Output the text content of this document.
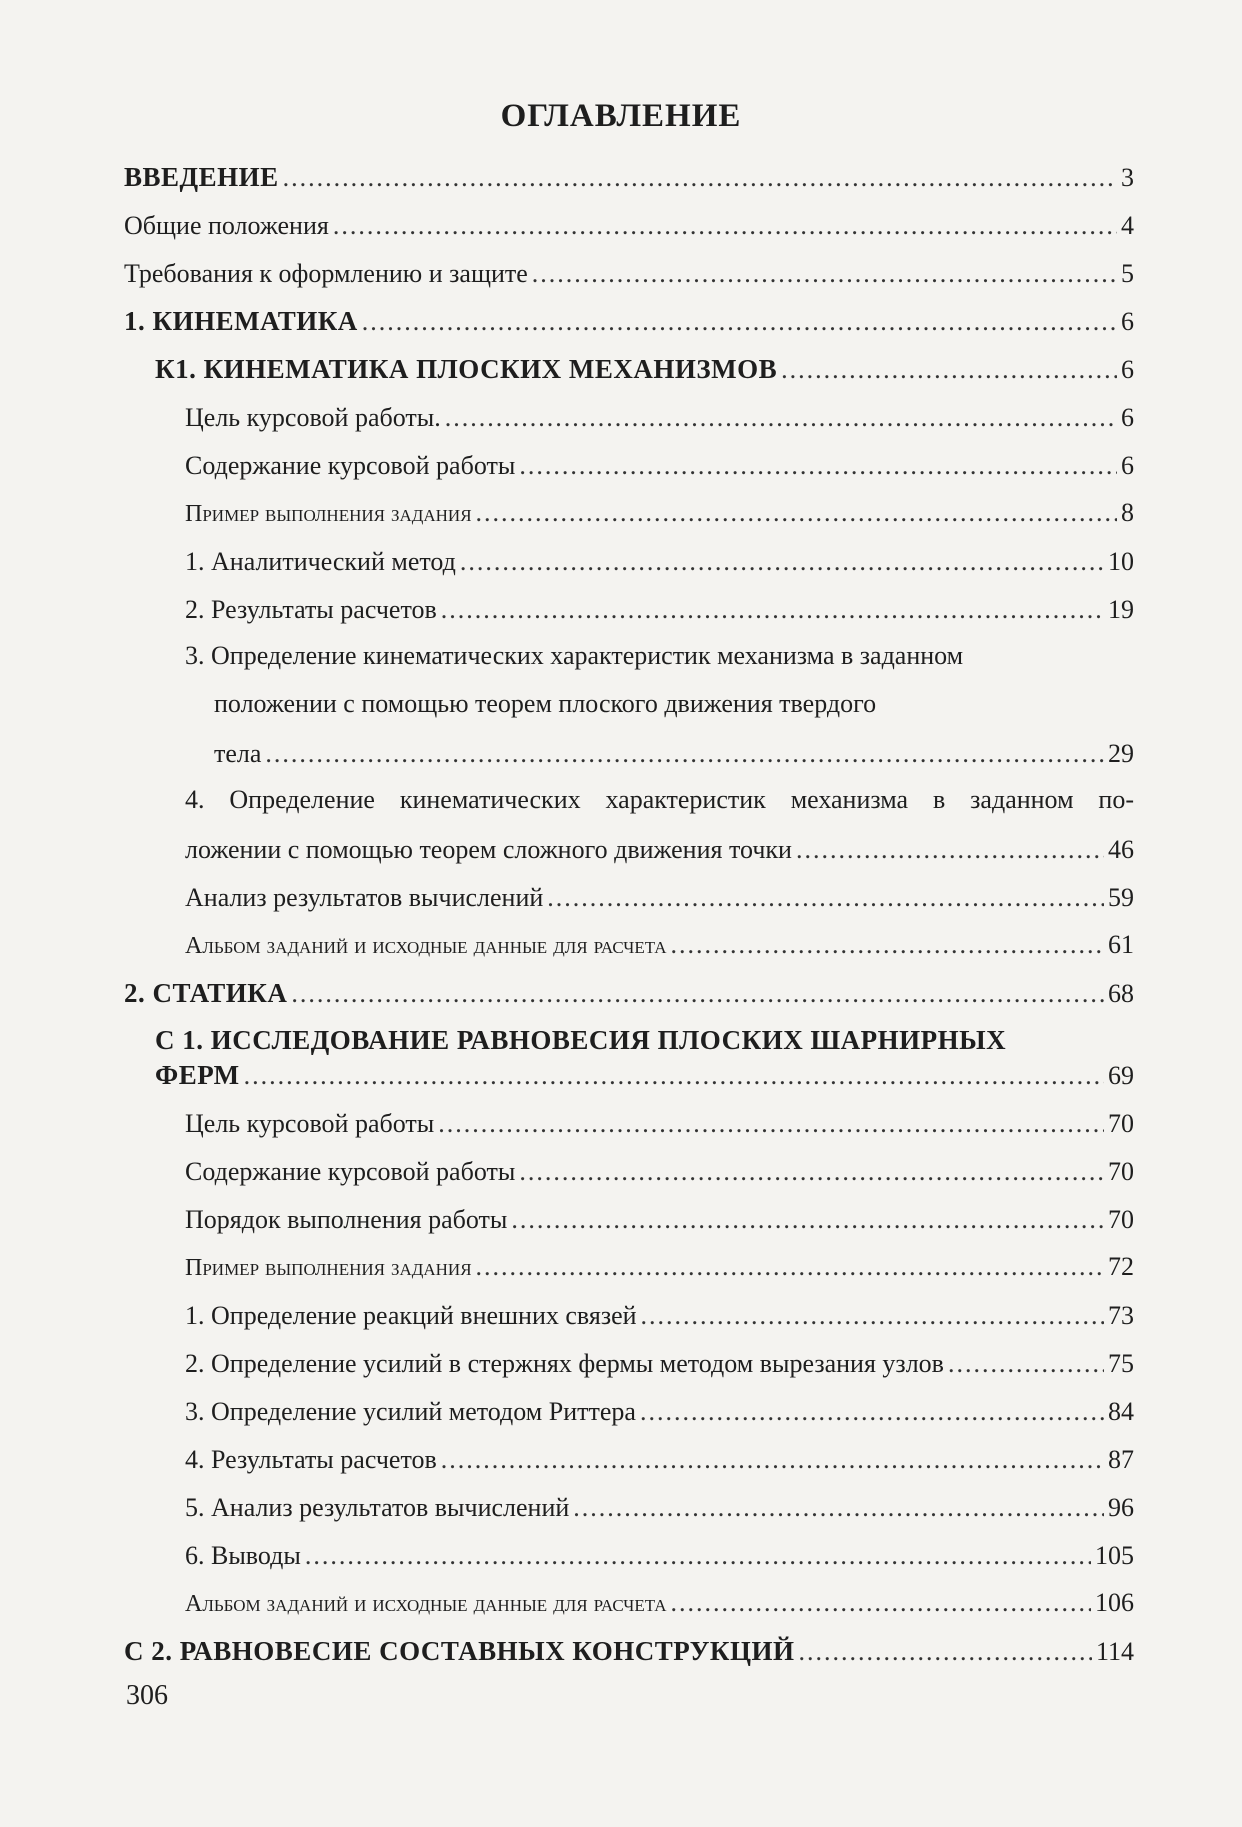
ОГЛАВЛЕНИЕ
ВВЕДЕНИЕ .....	3
Общие положения .....	4
Требования к оформлению и защите .....	5
1. КИНЕМАТИКА .....	6
К1. КИНЕМАТИКА ПЛОСКИХ МЕХАНИЗМОВ .....	6
Цель курсовой работы. .....	6
Содержание курсовой работы .....	6
Пример выполнения задания .....	8
1. Аналитический метод .....	10
2. Результаты расчетов .....	19
3. Определение кинематических характеристик механизма в заданном
положении с помощью теорем плоского движения твердого
тела .....	29
4. Определение кинематических характеристик механизма в заданном по-
ложении с помощью теорем сложного движения точки .....	46
Анализ результатов вычислений .....	59
Альбом заданий и исходные данные для расчета .....	61
2. СТАТИКА .....	68
С 1. ИССЛЕДОВАНИЕ РАВНОВЕСИЯ ПЛОСКИХ ШАРНИРНЫХ
ФЕРМ .....	69
Цель курсовой работы .....	70
Содержание курсовой работы .....	70
Порядок выполнения работы .....	70
Пример выполнения задания .....	72
1. Определение реакций внешних связей .....	73
2. Определение усилий в стержнях фермы методом вырезания узлов .....	75
3. Определение усилий методом Риттера .....	84
4. Результаты расчетов .....	87
5. Анализ результатов вычислений .....	96
6. Выводы .....	105
Альбом заданий и исходные данные для расчета .....	106
С 2. РАВНОВЕСИЕ СОСТАВНЫХ КОНСТРУКЦИЙ .....	114

306
